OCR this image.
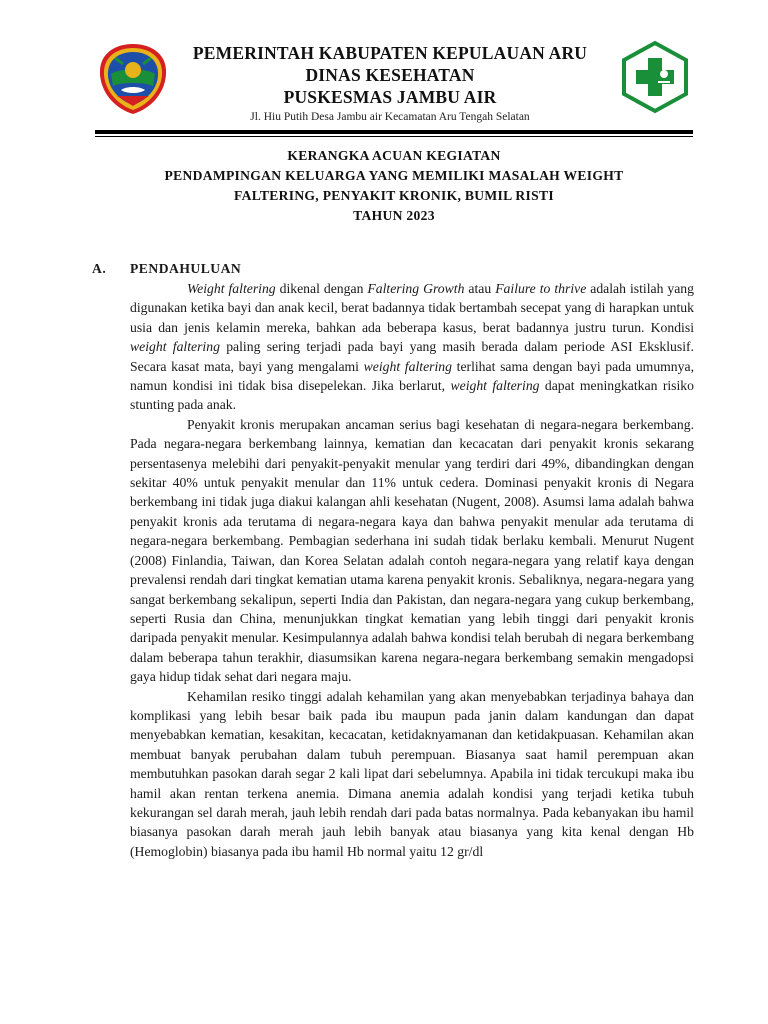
PEMERINTAH KABUPATEN KEPULAUAN ARU
DINAS KESEHATAN
PUSKESMAS JAMBU AIR
Jl. Hiu Putih Desa Jambu air Kecamatan Aru Tengah Selatan
KERANGKA ACUAN KEGIATAN
PENDAMPINGAN KELUARGA YANG MEMILIKI MASALAH WEIGHT
FALTERING, PENYAKIT KRONIK, BUMIL RISTI
TAHUN 2023
A. PENDAHULUAN

Weight faltering dikenal dengan Faltering Growth atau Failure to thrive adalah istilah yang digunakan ketika bayi dan anak kecil, berat badannya tidak bertambah secepat yang di harapkan untuk usia dan jenis kelamin mereka, bahkan ada beberapa kasus, berat badannya justru turun. Kondisi weight faltering paling sering terjadi pada bayi yang masih berada dalam periode ASI Eksklusif. Secara kasat mata, bayi yang mengalami weight faltering terlihat sama dengan bayi pada umumnya, namun kondisi ini tidak bisa disepelekan. Jika berlarut, weight faltering dapat meningkatkan risiko stunting pada anak.

Penyakit kronis merupakan ancaman serius bagi kesehatan di negara-negara berkembang. Pada negara-negara berkembang lainnya, kematian dan kecacatan dari penyakit kronis sekarang persentasenya melebihi dari penyakit-penyakit menular yang terdiri dari 49%, dibandingkan dengan sekitar 40% untuk penyakit menular dan 11% untuk cedera. Dominasi penyakit kronis di Negara berkembang ini tidak juga diakui kalangan ahli kesehatan (Nugent, 2008). Asumsi lama adalah bahwa penyakit kronis ada terutama di negara-negara kaya dan bahwa penyakit menular ada terutama di negara-negara berkembang. Pembagian sederhana ini sudah tidak berlaku kembali. Menurut Nugent (2008) Finlandia, Taiwan, dan Korea Selatan adalah contoh negara-negara yang relatif kaya dengan prevalensi rendah dari tingkat kematian utama karena penyakit kronis. Sebaliknya, negara-negara yang sangat berkembang sekalipun, seperti India dan Pakistan, dan negara-negara yang cukup berkembang, seperti Rusia dan China, menunjukkan tingkat kematian yang lebih tinggi dari penyakit kronis daripada penyakit menular. Kesimpulannya adalah bahwa kondisi telah berubah di negara berkembang dalam beberapa tahun terakhir, diasumsikan karena negara-negara berkembang semakin mengadopsi gaya hidup tidak sehat dari negara maju.

Kehamilan resiko tinggi adalah kehamilan yang akan menyebabkan terjadinya bahaya dan komplikasi yang lebih besar baik pada ibu maupun pada janin dalam kandungan dan dapat menyebabkan kematian, kesakitan, kecacatan, ketidaknyamanan dan ketidakpuasan. Kehamilan akan membuat banyak perubahan dalam tubuh perempuan. Biasanya saat hamil perempuan akan membutuhkan pasokan darah segar 2 kali lipat dari sebelumnya. Apabila ini tidak tercukupi maka ibu hamil akan rentan terkena anemia. Dimana anemia adalah kondisi yang terjadi ketika tubuh kekurangan sel darah merah, jauh lebih rendah dari pada batas normalnya. Pada kebanyakan ibu hamil biasanya pasokan darah merah jauh lebih banyak atau biasanya yang kita kenal dengan Hb (Hemoglobin) biasanya pada ibu hamil Hb normal yaitu 12 gr/dl
